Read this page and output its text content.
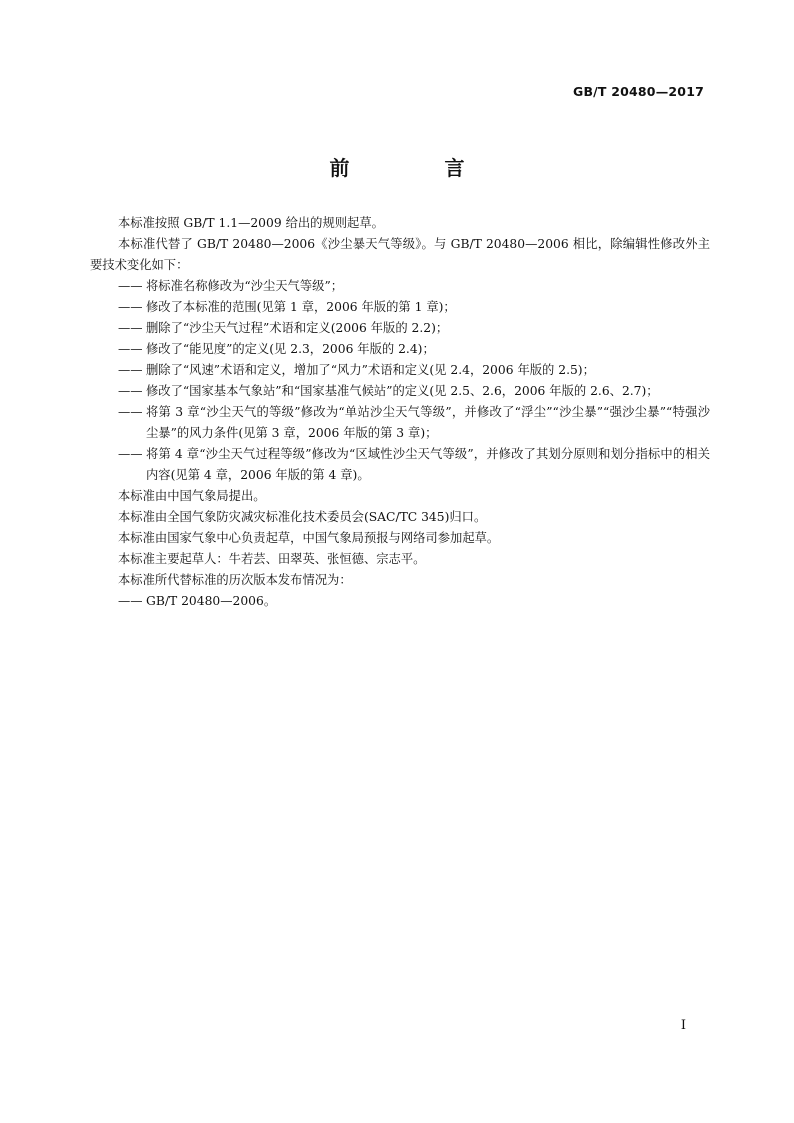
GB/T 20480—2017
前 言

本标准按照 GB/T 1.1—2009 给出的规则起草。

本标准代替了 GB/T 20480—2006《沙尘暴天气等级》。与 GB/T 20480—2006 相比，除编辑性修改外主要技术变化如下：

—— 将标准名称修改为“沙尘天气等级”；

—— 修改了本标准的范围(见第 1 章，2006 年版的第 1 章)；

—— 删除了“沙尘天气过程”术语和定义(2006 年版的 2.2)；

—— 修改了“能见度”的定义(见 2.3，2006 年版的 2.4)；

—— 删除了“风速”术语和定义，增加了“风力”术语和定义(见 2.4，2006 年版的 2.5)；

—— 修改了“国家基本气象站”和“国家基准气候站”的定义(见 2.5、2.6，2006 年版的 2.6、2.7)；

—— 将第 3 章“沙尘天气的等级”修改为“单站沙尘天气等级”，并修改了“浮尘”“沙尘暴”“强沙尘暴”“特强沙尘暴”的风力条件(见第 3 章，2006 年版的第 3 章)；

—— 将第 4 章“沙尘天气过程等级”修改为“区域性沙尘天气等级”，并修改了其划分原则和划分指标中的相关内容(见第 4 章，2006 年版的第 4 章)。

本标准由中国气象局提出。

本标准由全国气象防灾减灾标准化技术委员会(SAC/TC 345)归口。

本标准由国家气象中心负责起草，中国气象局预报与网络司参加起草。

本标准主要起草人：牛若芸、田翠英、张恒德、宗志平。

本标准所代替标准的历次版本发布情况为：

—— GB/T 20480—2006。

I
